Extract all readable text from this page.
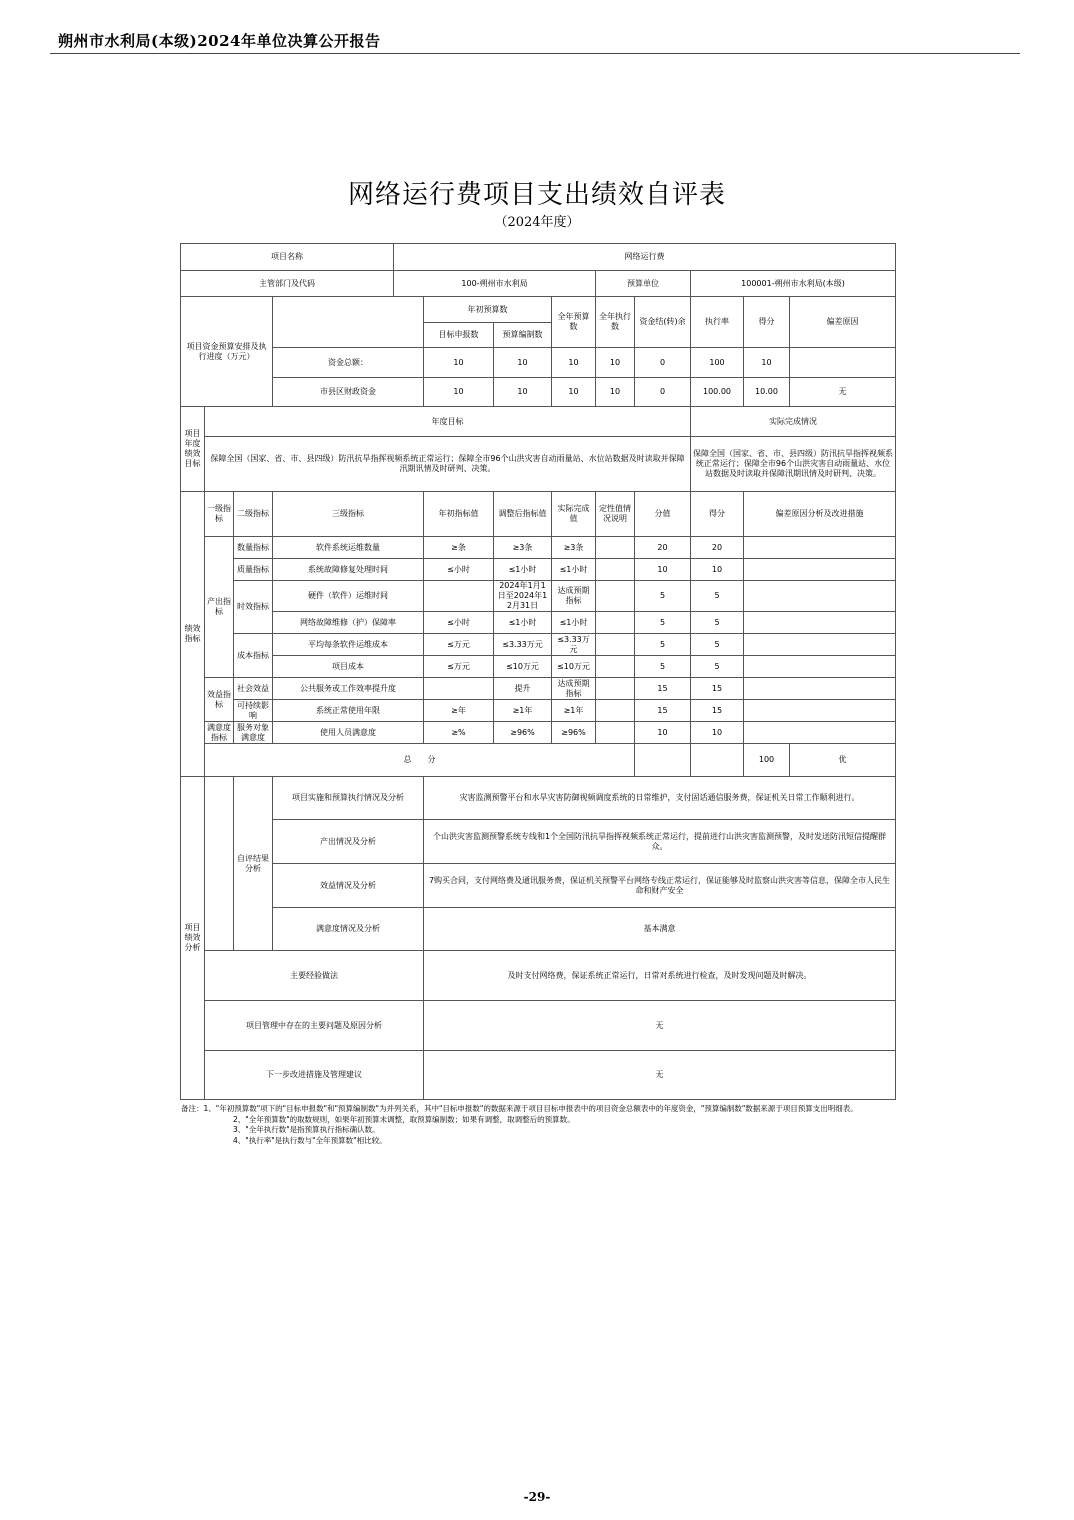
朔州市水利局(本级)2024年单位决算公开报告
网络运行费项目支出绩效自评表
（2024年度）
项目名称				网络运行费								
主管部门及代码				100-朔州市水利局				预算单位		100001-朔州市水利局(本级)		
项目资金预算安排及执行进度（万元）					年初预算数		全年预算数	全年执行数	资金结(转)余	执行率	得分	偏差原因
					目标申报数	预算编制数						
			资金总额：		10	10	10	10	0	100	10	
			市县区财政资金		10	10	10	10	0	100.00	10.00	无
项目年度绩效目标	年度目标									实际完成情况		
	保障全国（国家、省、市、县四级）防汛抗旱指挥视频系统正常运行；保障全市96个山洪灾害自动雨量站、水位站数据及时读取并保障汛期讯情及时研判、决策。									保障全国（国家、省、市、县四级）防汛抗旱指挥视频系统正常运行；保障全市96个山洪灾害自动雨量站、水位站数据及时读取并保障汛期讯情及时研判、决策。		
绩效指标	一级指标	二级指标	三级指标		年初指标值	调整后指标值	实际完成值	定性值情况说明	分值	得分	偏差原因分析及改进措施	
	产出指标	数量指标	软件系统运维数量		≥条	≥3条	≥3条		20	20		
		质量指标	系统故障修复处理时间		≤小时	≤1小时	≤1小时		10	10		
		时效指标	硬件（软件）运维时间			2024年1月1日至2024年12月31日	达成预期指标		5	5		
			网络故障维修（护）保障率		≤小时	≤1小时	≤1小时		5	5		
		成本指标	平均每条软件运维成本		≤万元	≤3.33万元	≤3.33万元		5	5		
			项目成本		≤万元	≤10万元	≤10万元		5	5		
	效益指标	社会效益	公共服务或工作效率提升度			提升	达成预期指标		15	15		
		可持续影响	系统正常使用年限		≥年	≥1年	≥1年		15	15		
	满意度指标	服务对象满意度	使用人员满意度		≥%	≥96%	≥96%		10	10		
	总　　分										100	优
项目绩效分析		自评结果分析	项目实施和预算执行情况及分析		灾害监测预警平台和水旱灾害防御视频调度系统的日常维护，支付固话通信服务费，保证机关日常工作顺利进行。							
			产出情况及分析		个山洪灾害监测预警系统专线和1个全国防汛抗旱指挥视频系统正常运行，提前进行山洪灾害监测预警，及时发送防汛短信提醒群众。							
			效益情况及分析		7购买合同，支付网络费及通讯服务费，保证机关预警平台网络专线正常运行，保证能够及时监察山洪灾害等信息，保障全市人民生命和财产安全							
			满意度情况及分析		基本满意							
	主要经验做法				及时支付网络费，保证系统正常运行，日常对系统进行检查，及时发现问题及时解决。							
	项目管理中存在的主要问题及原因分析				无							
	下一步改进措施及管理建议				无							
备注：1、"年初预算数"项下的"目标申报数"和"预算编制数"为并列关系，其中"目标申报数"的数据来源于项目目标申报表中的项目资金总额表中的年度资金，"预算编制数"数据来源于项目预算支出明细表。
2、"全年预算数"的取数规则，如果年初预算未调整，取预算编制数；如果有调整，取调整后的预算数。
3、"全年执行数"是指预算执行指标确认数。
4、"执行率"是执行数与"全年预算数"相比较。
-29-
